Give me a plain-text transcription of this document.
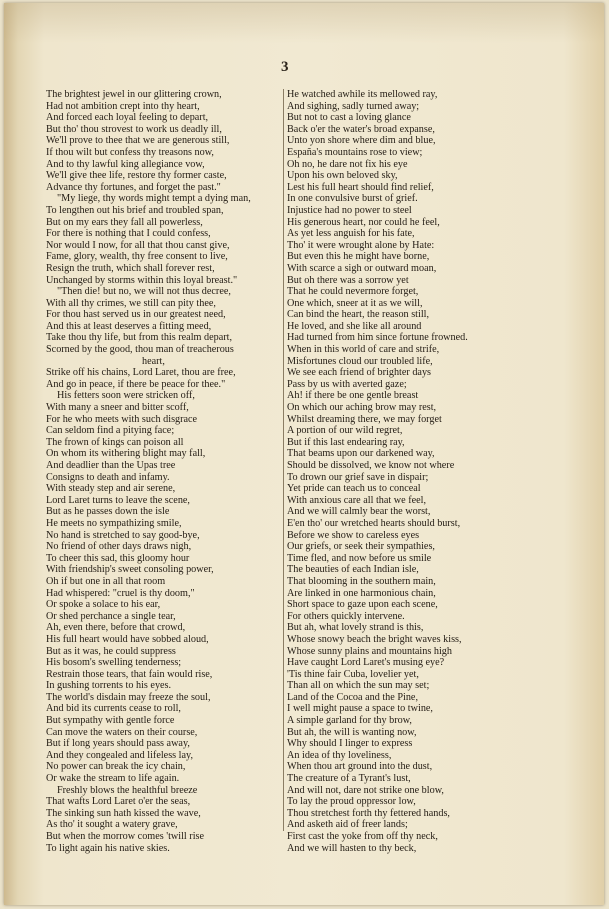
3
The brightest jewel in our glittering crown,
Had not ambition crept into thy heart,
And forced each loyal feeling to depart,
But tho' thou strovest to work us deadly ill,
We'll prove to thee that we are generous still,
If thou wilt but confess thy treasons now,
And to thy lawful king allegiance vow,
We'll give thee life, restore thy former caste,
Advance thy fortunes, and forget the past."
"My liege, thy words might tempt a dying man,
To lengthen out his brief and troubled span,
But on my ears they fall all powerless,
For there is nothing that I could confess,
Nor would I now, for all that thou canst give,
Fame, glory, wealth, thy free consent to live,
Resign the truth, which shall forever rest,
Unchanged by storms within this loyal breast."
"Then die! but no, we will not thus decree,
With all thy crimes, we still can pity thee,
For thou hast served us in our greatest need,
And this at least deserves a fitting meed,
Take thou thy life, but from this realm depart,
Scorned by the good, thou man of treacherous
heart,
Strike off his chains, Lord Laret, thou are free,
And go in peace, if there be peace for thee."
His fetters soon were stricken off,
With many a sneer and bitter scoff,
For he who meets with such disgrace
Can seldom find a pitying face;
The frown of kings can poison all
On whom its withering blight may fall,
And deadlier than the Upas tree
Consigns to death and infamy.
With steady step and air serene,
Lord Laret turns to leave the scene,
But as he passes down the isle
He meets no sympathizing smile,
No hand is stretched to say good-bye,
No friend of other days draws nigh,
To cheer this sad, this gloomy hour
With friendship's sweet consoling power,
Oh if but one in all that room
Had whispered: "cruel is thy doom,"
Or spoke a solace to his ear,
Or shed perchance a single tear,
Ah, even there, before that crowd,
His full heart would have sobbed aloud,
But as it was, he could suppress
His bosom's swelling tenderness;
Restrain those tears, that fain would rise,
In gushing torrents to his eyes.
The world's disdain may freeze the soul,
And bid its currents cease to roll,
But sympathy with gentle force
Can move the waters on their course,
But if long years should pass away,
And they congealed and lifeless lay,
No power can break the icy chain,
Or wake the stream to life again.
Freshly blows the healthful breeze
That wafts Lord Laret o'er the seas,
The sinking sun hath kissed the wave,
As tho' it sought a watery grave,
But when the morrow comes 'twill rise
To light again his native skies.
He watched awhile its mellowed ray,
And sighing, sadly turned away;
But not to cast a loving glance
Back o'er the water's broad expanse,
Unto yon shore where dim and blue,
España's mountains rose to view;
Oh no, he dare not fix his eye
Upon his own beloved sky,
Lest his full heart should find relief,
In one convulsive burst of grief.
Injustice had no power to steel
His generous heart, nor could he feel,
As yet less anguish for his fate,
Tho' it were wrought alone by Hate:
But even this he might have borne,
With scarce a sigh or outward moan,
But oh there was a sorrow yet
That he could nevermore forget,
One which, sneer at it as we will,
Can bind the heart, the reason still,
He loved, and she like all around
Had turned from him since fortune frowned.
When in this world of care and strife,
Misfortunes cloud our troubled life,
We see each friend of brighter days
Pass by us with averted gaze;
Ah! if there be one gentle breast
On which our aching brow may rest,
Whilst dreaming there, we may forget
A portion of our wild regret,
But if this last endearing ray,
That beams upon our darkened way,
Should be dissolved, we know not where
To drown our grief save in dispair;
Yet pride can teach us to conceal
With anxious care all that we feel,
And we will calmly bear the worst,
E'en tho' our wretched hearts should burst,
Before we show to careless eyes
Our griefs, or seek their sympathies,
Time fled, and now before us smile
The beauties of each Indian isle,
That blooming in the southern main,
Are linked in one harmonious chain,
Short space to gaze upon each scene,
For others quickly intervene.
But ah, what lovely strand is this,
Whose snowy beach the bright waves kiss,
Whose sunny plains and mountains high
Have caught Lord Laret's musing eye?
'Tis thine fair Cuba, lovelier yet,
Than all on which the sun may set;
Land of the Cocoa and the Pine,
I well might pause a space to twine,
A simple garland for thy brow,
But ah, the will is wanting now,
Why should I linger to express
An idea of thy loveliness,
When thou art ground into the dust,
The creature of a Tyrant's lust,
And will not, dare not strike one blow,
To lay the proud oppressor low,
Thou stretchest forth thy fettered hands,
And asketh aid of freer lands;
First cast the yoke from off thy neck,
And we will hasten to thy beck,
